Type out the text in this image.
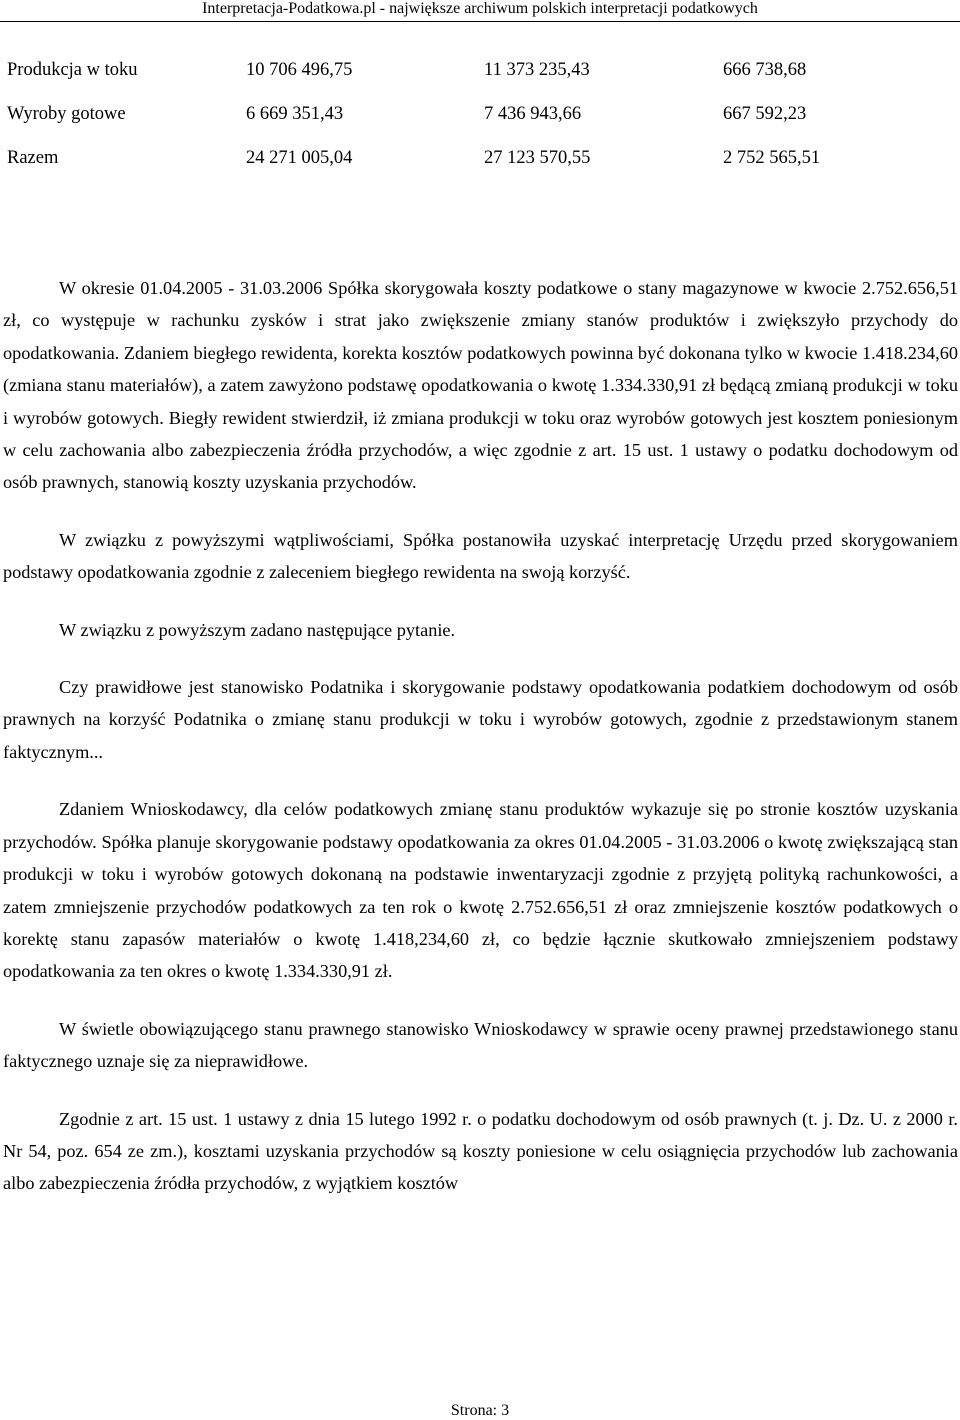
Interpretacja-Podatkowa.pl - największe archiwum polskich interpretacji podatkowych
Produkcja w toku	10 706 496,75	11 373 235,43	666 738,68
Wyroby gotowe	6 669 351,43	7 436 943,66	667 592,23
Razem	24 271 005,04	27 123 570,55	2 752 565,51

W okresie 01.04.2005 - 31.03.2006 Spółka skorygowała koszty podatkowe o stany magazynowe w kwocie 2.752.656,51 zł, co występuje w rachunku zysków i strat jako zwiększenie zmiany stanów produktów i zwiększyło przychody do opodatkowania. Zdaniem biegłego rewidenta, korekta kosztów podatkowych powinna być dokonana tylko w kwocie 1.418.234,60 (zmiana stanu materiałów), a zatem zawyżono podstawę opodatkowania o kwotę 1.334.330,91 zł będącą zmianą produkcji w toku i wyrobów gotowych. Biegły rewident stwierdził, iż zmiana produkcji w toku oraz wyrobów gotowych jest kosztem poniesionym w celu zachowania albo zabezpieczenia źródła przychodów, a więc zgodnie z art. 15 ust. 1 ustawy o podatku dochodowym od osób prawnych, stanowią koszty uzyskania przychodów.

W związku z powyższymi wątpliwościami, Spółka postanowiła uzyskać interpretację Urzędu przed skorygowaniem podstawy opodatkowania zgodnie z zaleceniem biegłego rewidenta na swoją korzyść.

W związku z powyższym zadano następujące pytanie.

Czy prawidłowe jest stanowisko Podatnika i skorygowanie podstawy opodatkowania podatkiem dochodowym od osób prawnych na korzyść Podatnika o zmianę stanu produkcji w toku i wyrobów gotowych, zgodnie z przedstawionym stanem faktycznym...

Zdaniem Wnioskodawcy, dla celów podatkowych zmianę stanu produktów wykazuje się po stronie kosztów uzyskania przychodów. Spółka planuje skorygowanie podstawy opodatkowania za okres 01.04.2005 - 31.03.2006 o kwotę zwiększającą stan produkcji w toku i wyrobów gotowych dokonaną na podstawie inwentaryzacji zgodnie z przyjętą polityką rachunkowości, a zatem zmniejszenie przychodów podatkowych za ten rok o kwotę 2.752.656,51 zł oraz zmniejszenie kosztów podatkowych o korektę stanu zapasów materiałów o kwotę 1.418,234,60 zł, co będzie łącznie skutkowało zmniejszeniem podstawy opodatkowania za ten okres o kwotę 1.334.330,91 zł.

W świetle obowiązującego stanu prawnego stanowisko Wnioskodawcy w sprawie oceny prawnej przedstawionego stanu faktycznego uznaje się za nieprawidłowe.

Zgodnie z art. 15 ust. 1 ustawy z dnia 15 lutego 1992 r. o podatku dochodowym od osób prawnych (t. j. Dz. U. z 2000 r. Nr 54, poz. 654 ze zm.), kosztami uzyskania przychodów są koszty poniesione w celu osiągnięcia przychodów lub zachowania albo zabezpieczenia źródła przychodów, z wyjątkiem kosztów

Strona: 3
